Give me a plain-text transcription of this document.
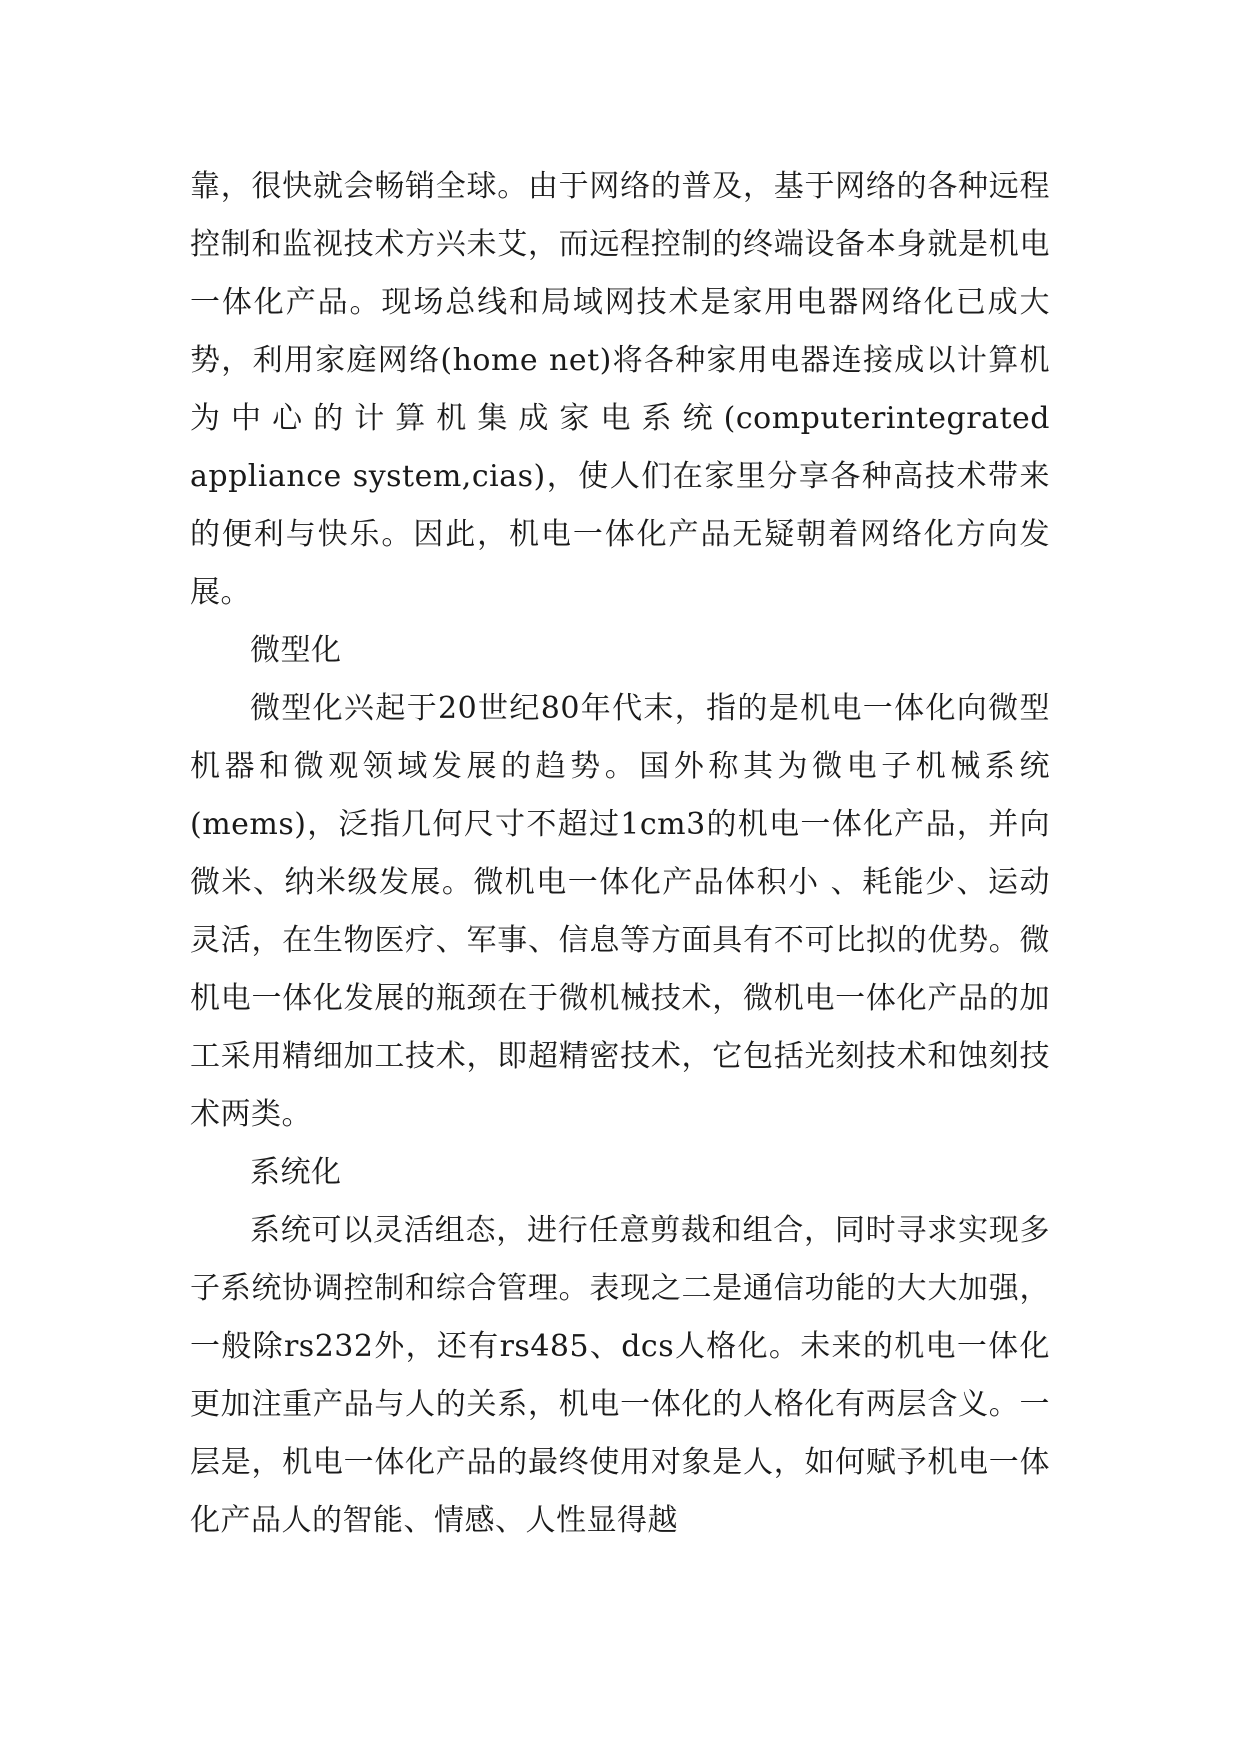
靠，很快就会畅销全球。由于网络的普及，基于网络的各种远程控制和监视技术方兴未艾，而远程控制的终端设备本身就是机电一体化产品。现场总线和局域网技术是家用电器网络化已成大势，利用家庭网络(home net)将各种家用电器连接成以计算机为中心的计算机集成家电系统(computerintegrated appliance system,cias)，使人们在家里分享各种高技术带来的便利与快乐。因此，机电一体化产品无疑朝着网络化方向发展。

微型化

微型化兴起于20世纪80年代末，指的是机电一体化向微型机器和微观领域发展的趋势。国外称其为微电子机械系统(mems)，泛指几何尺寸不超过1cm3的机电一体化产品，并向微米、纳米级发展。微机电一体化产品体积小 、耗能少、运动灵活，在生物医疗、军事、信息等方面具有不可比拟的优势。微机电一体化发展的瓶颈在于微机械技术，微机电一体化产品的加工采用精细加工技术，即超精密技术，它包括光刻技术和蚀刻技术两类。

系统化

系统可以灵活组态，进行任意剪裁和组合，同时寻求实现多子系统协调控制和综合管理。表现之二是通信功能的大大加强，一般除rs232外，还有rs485、dcs人格化。未来的机电一体化更加注重产品与人的关系，机电一体化的人格化有两层含义。一层是，机电一体化产品的最终使用对象是人，如何赋予机电一体化产品人的智能、情感、人性显得越
